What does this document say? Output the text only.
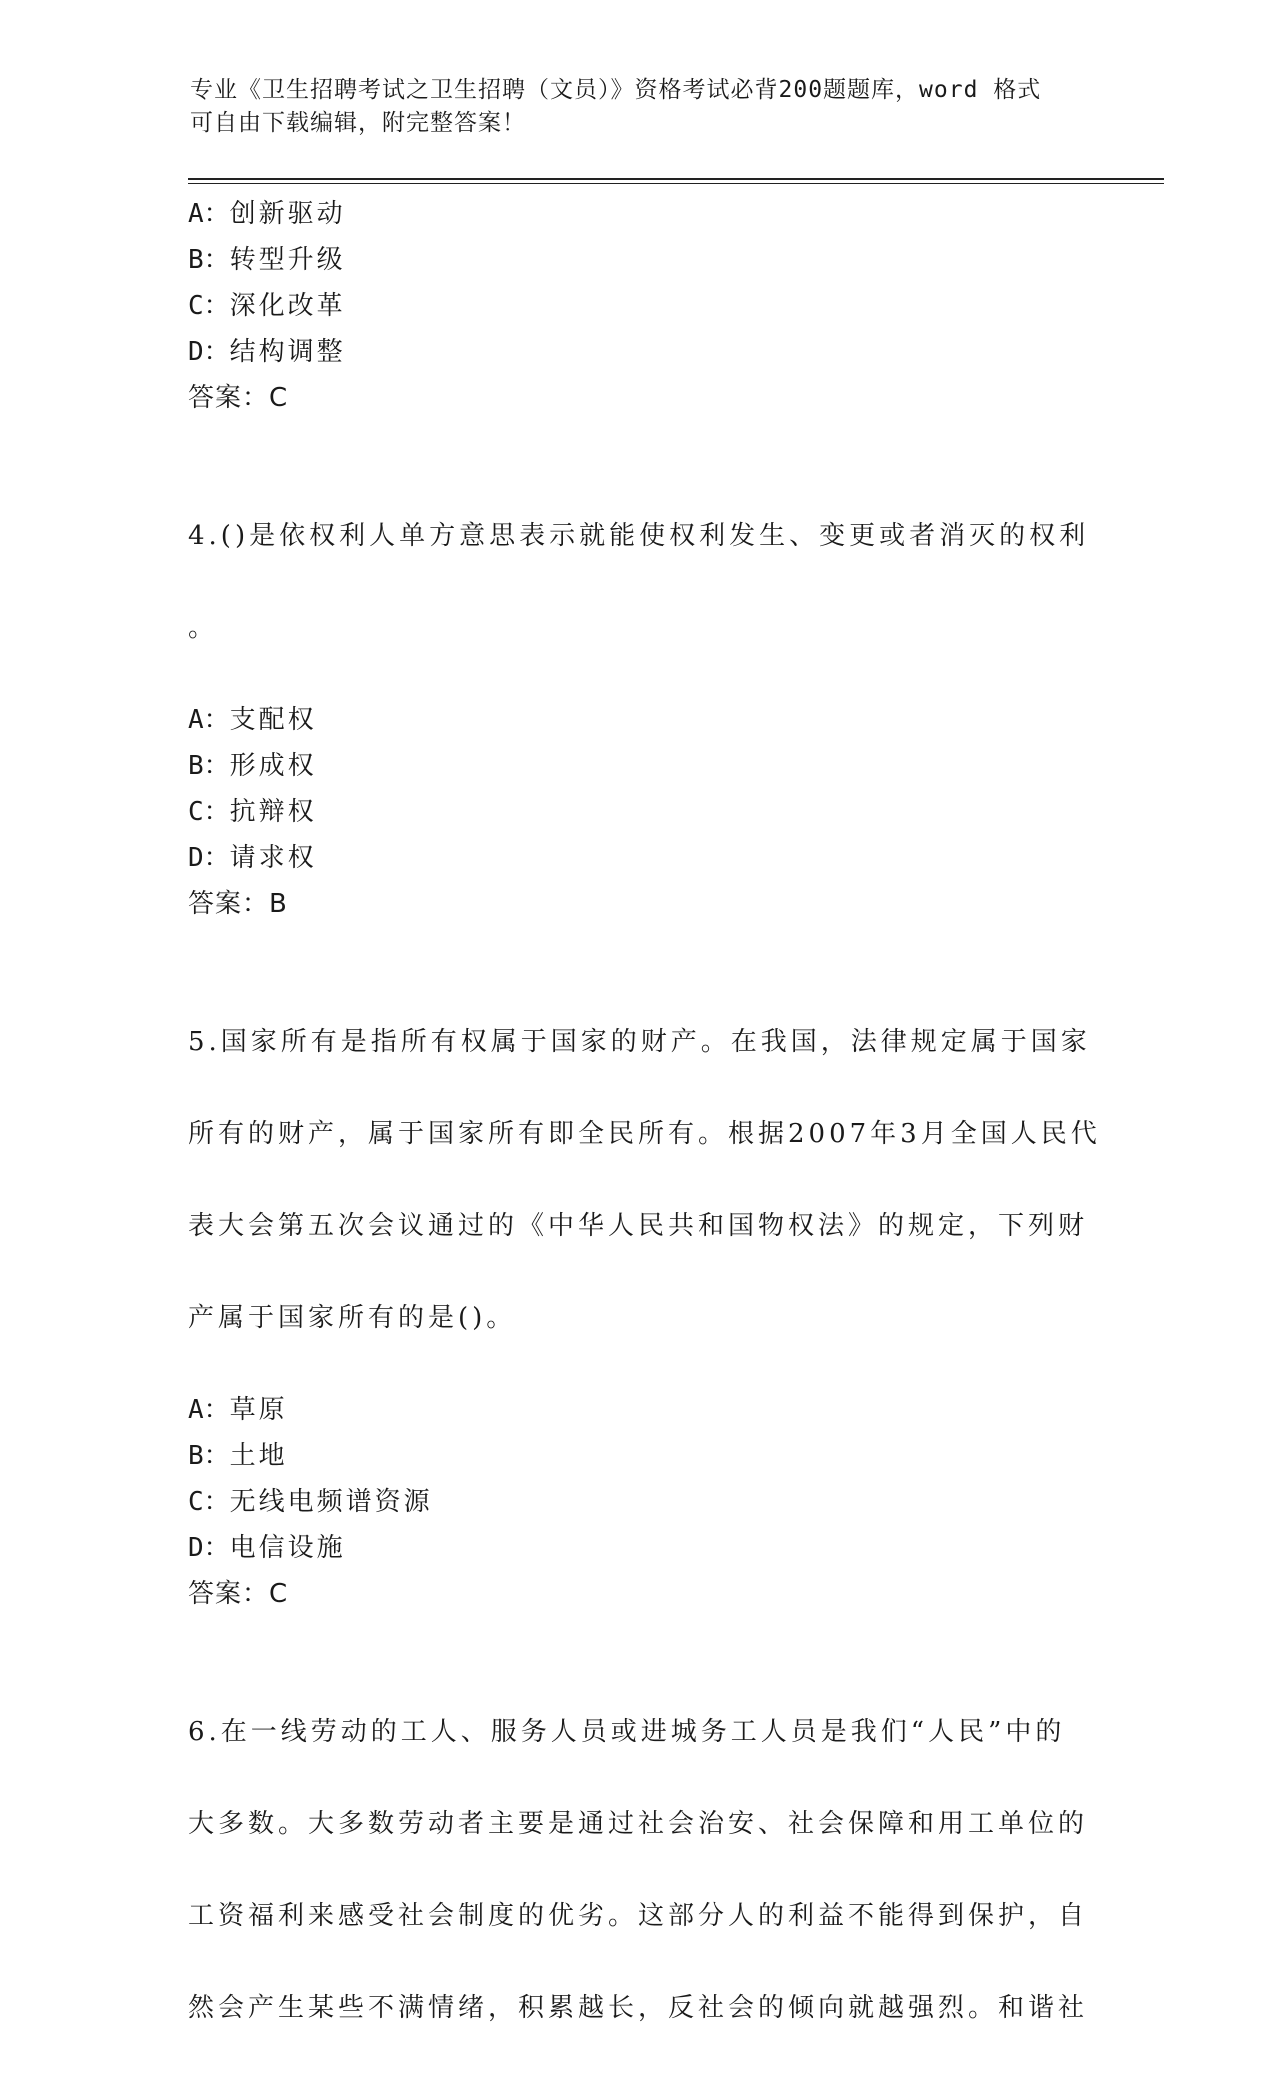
专业《卫生招聘考试之卫生招聘（文员）》资格考试必背200题题库，word 格式
可自由下载编辑，附完整答案！
A：创新驱动
B：转型升级
C：深化改革
D：结构调整
答案：C

4.()是依权利人单方意思表示就能使权利发生、变更或者消灭的权利

。

A：支配权
B：形成权
C：抗辩权
D：请求权
答案：B

5.国家所有是指所有权属于国家的财产。在我国，法律规定属于国家

所有的财产，属于国家所有即全民所有。根据2007年3月全国人民代

表大会第五次会议通过的《中华人民共和国物权法》的规定，下列财

产属于国家所有的是()。

A：草原
B：土地
C：无线电频谱资源
D：电信设施
答案：C

6.在一线劳动的工人、服务人员或进城务工人员是我们“人民”中的

大多数。大多数劳动者主要是通过社会治安、社会保障和用工单位的

工资福利来感受社会制度的优劣。这部分人的利益不能得到保护，自

然会产生某些不满情绪，积累越长，反社会的倾向就越强烈。和谐社
